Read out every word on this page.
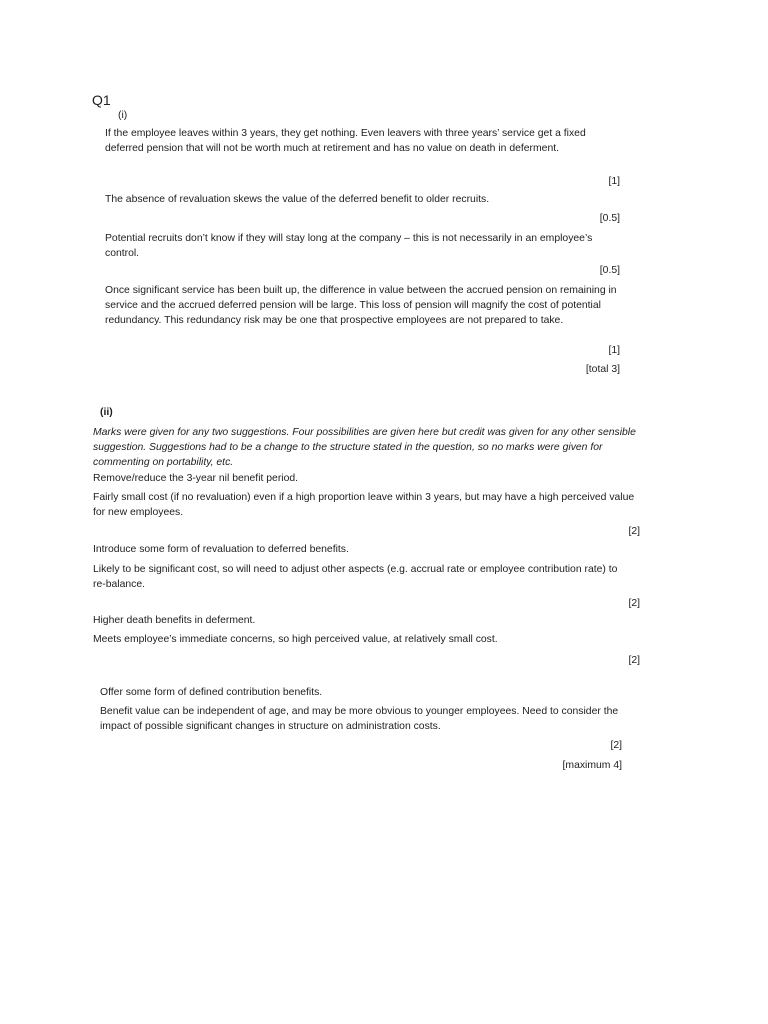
Q1
(i)
If the employee leaves within 3 years, they get nothing. Even leavers with three years’ service get a fixed deferred pension that will not be worth much at retirement and has no value on death in deferment.
[1]
The absence of revaluation skews the value of the deferred benefit to older recruits.
[0.5]
Potential recruits don’t know if they will stay long at the company – this is not necessarily in an employee’s control.
[0.5]
Once significant service has been built up, the difference in value between the accrued pension on remaining in service and the accrued deferred pension will be large. This loss of pension will magnify the cost of potential redundancy. This redundancy risk may be one that prospective employees are not prepared to take.
[1]
[total 3]
(ii)
Marks were given for any two suggestions. Four possibilities are given here but credit was given for any other sensible suggestion. Suggestions had to be a change to the structure stated in the question, so no marks were given for commenting on portability, etc.
Remove/reduce the 3-year nil benefit period.
Fairly small cost (if no revaluation) even if a high proportion leave within 3 years, but may have a high perceived value for new employees.
[2]
Introduce some form of revaluation to deferred benefits.
Likely to be significant cost, so will need to adjust other aspects (e.g. accrual rate or employee contribution rate) to re-balance.
[2]
Higher death benefits in deferment.
Meets employee’s immediate concerns, so high perceived value, at relatively small cost.
[2]
Offer some form of defined contribution benefits.
Benefit value can be independent of age, and may be more obvious to younger employees. Need to consider the impact of possible significant changes in structure on administration costs.
[2]
[maximum 4]
